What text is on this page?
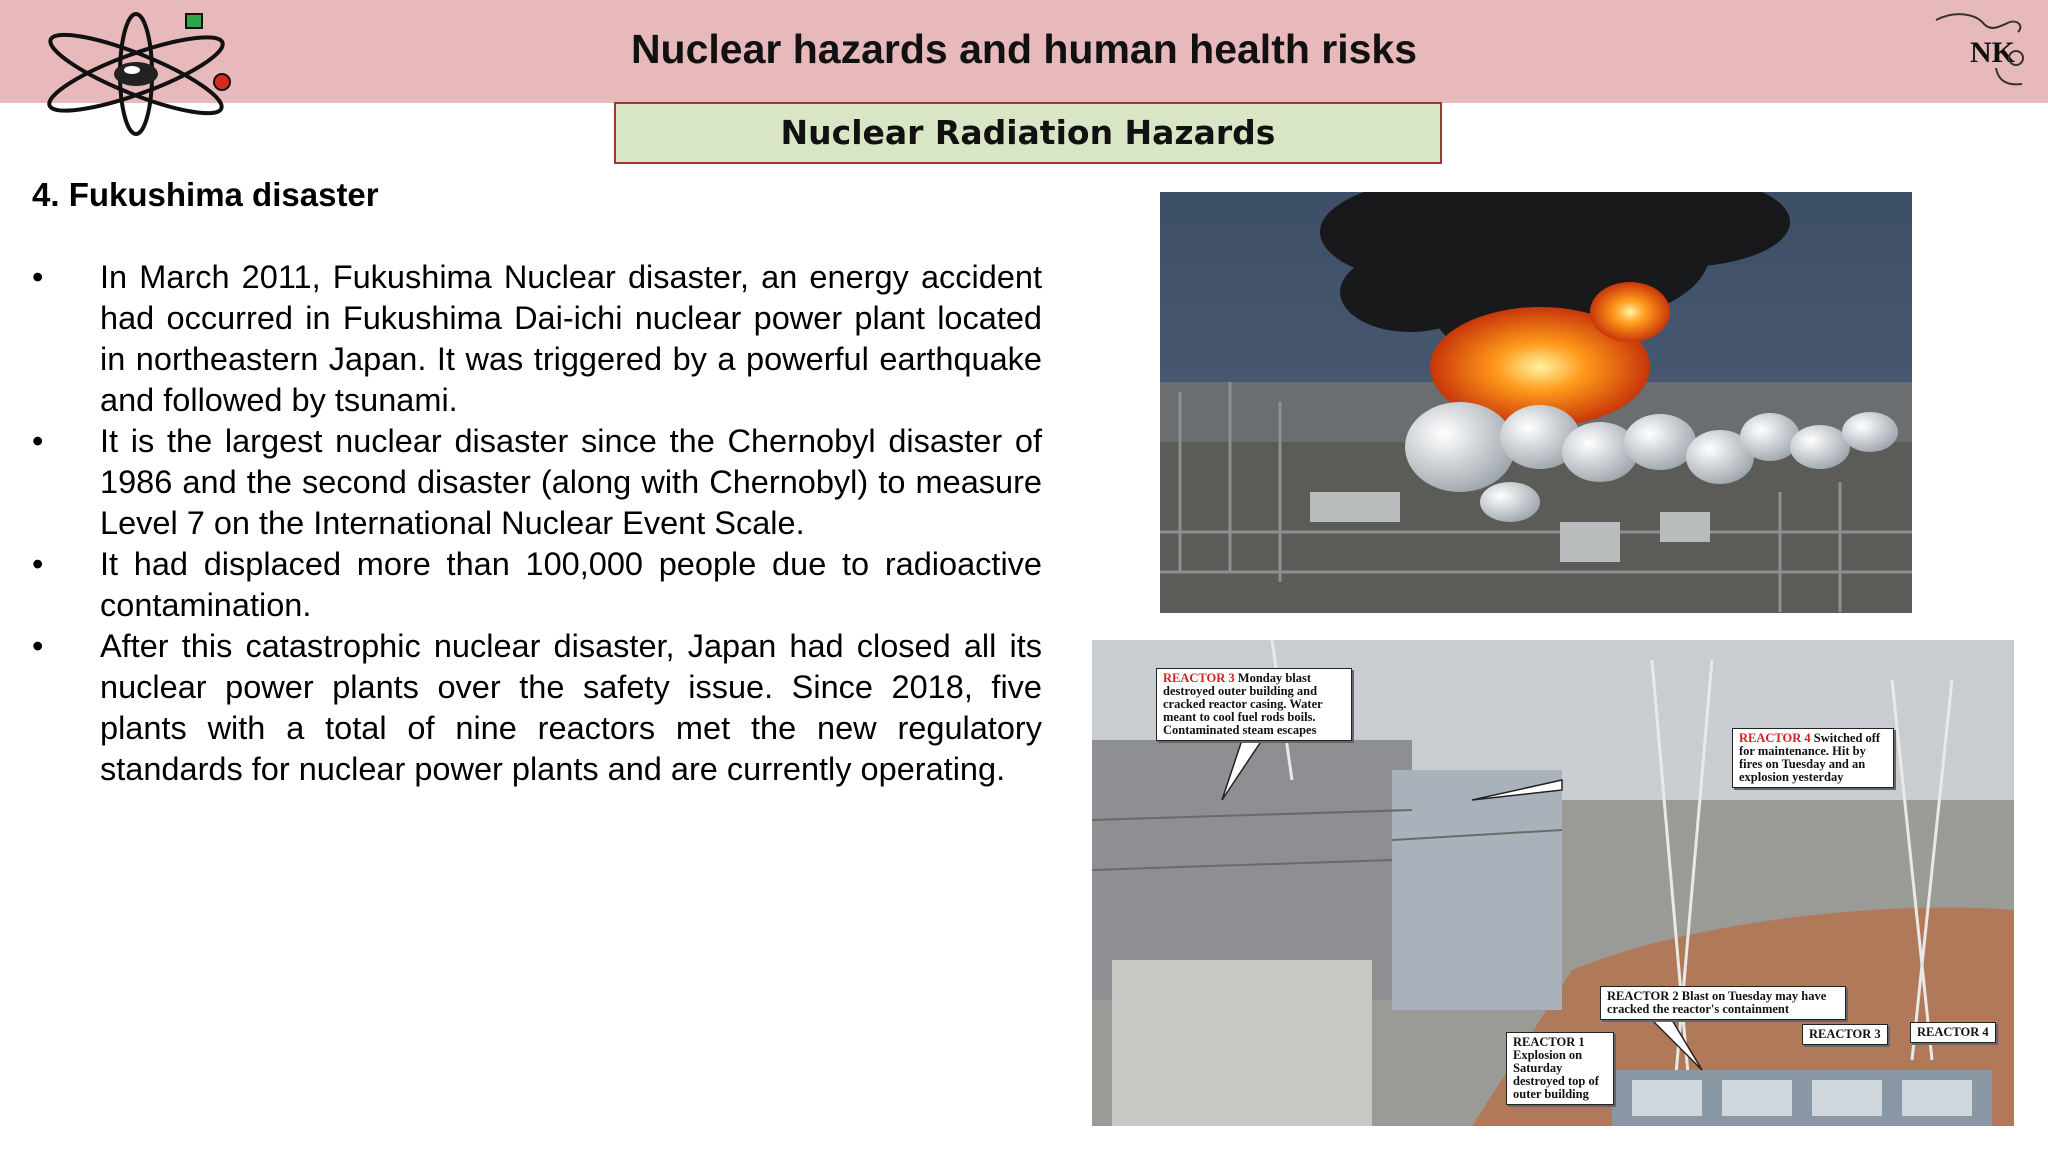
Nuclear hazards and human health risks	NK
Nuclear Radiation Hazards
4. Fukushima disaster
• In March 2011, Fukushima Nuclear disaster, an energy accident had occurred in Fukushima Dai-ichi nuclear power plant located in northeastern Japan. It was triggered by a powerful earthquake and followed by tsunami.
• It is the largest nuclear disaster since the Chernobyl disaster of 1986 and the second disaster (along with Chernobyl) to measure Level 7 on the International Nuclear Event Scale.
• It had displaced more than 100,000 people due to radioactive contamination.
• After this catastrophic nuclear disaster, Japan had closed all its nuclear power plants over the safety issue. Since 2018, five plants with a total of nine reactors met the new regulatory standards for nuclear power plants and are currently operating.
REACTOR 3 Monday blast destroyed outer building and cracked reactor casing. Water meant to cool fuel rods boils. Contaminated steam escapes
REACTOR 4 Switched off for maintenance. Hit by fires on Tuesday and an explosion yesterday
REACTOR 2 Blast on Tuesday may have cracked the reactor's containment
REACTOR 1 Explosion on Saturday destroyed top of outer building
REACTOR 3	REACTOR 4
